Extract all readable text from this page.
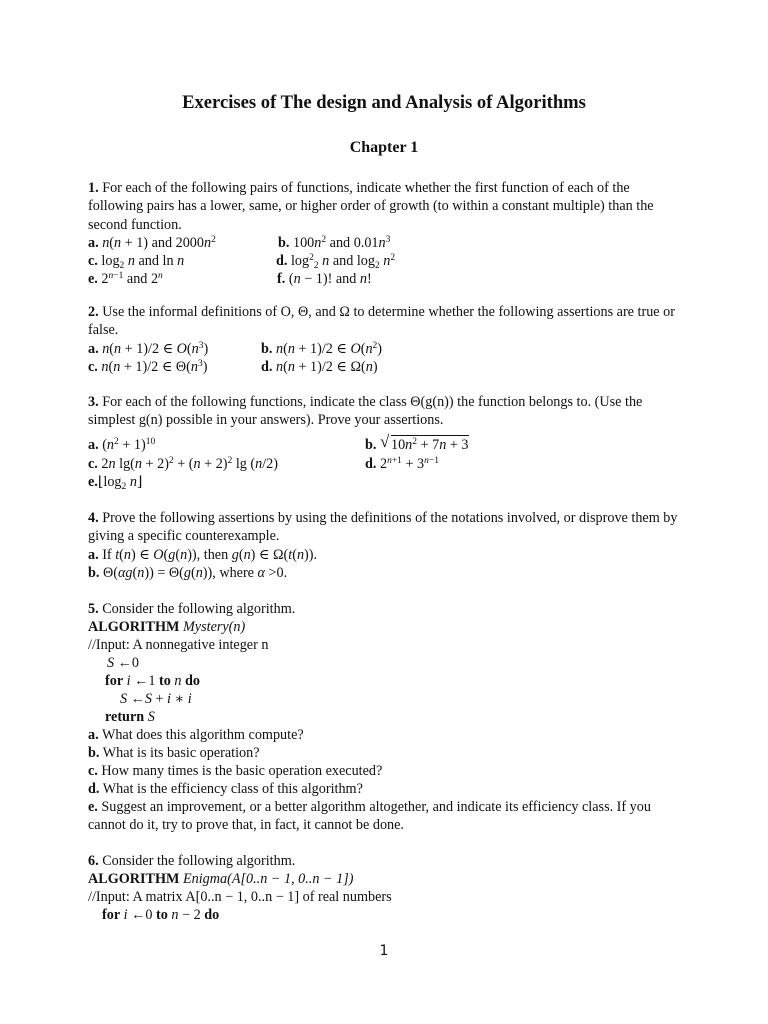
Exercises of The design and Analysis of Algorithms
Chapter 1
1. For each of the following pairs of functions, indicate whether the first function of each of the following pairs has a lower, same, or higher order of growth (to within a constant multiple) than the second function.
a. n(n + 1) and $2000n^2$	b. $100n^2$ and $0.01n^3$
c. $\log_2 n$ and ln n	d. $\log^2_2 n$ and $\log_2 n^2$
e. $2^{n-1}$ and 2$^n$	f. (n − 1)! and n!
2. Use the informal definitions of O, Θ, and Ω to determine whether the following assertions are true or false.
a. n(n + 1)/2 ∈ $O(n^3)$	b. n(n + 1)/2 ∈ $O(n^2)$
c. n(n + 1)/2 ∈ $\Theta(n^3)$	d. n(n + 1)/2 ∈ Ω(n)
3. For each of the following functions, indicate the class Θ(g(n)) the function belongs to. (Use the simplest g(n) possible in your answers). Prove your assertions.
a. $(n^2 + 1)^{10}$	b. √ $10n^2 + 7n + 3$
c. 2n $\lg(n + 2)^2 + (n + 2)^2$ lg (n/2)	d. $2^{n+1} + 3^{n-1}$
$e.⌊\log_2$ n⌋
4. Prove the following assertions by using the definitions of the notations involved, or disprove them by giving a specific counterexample.
a. If t(n) ∈ O(g(n)), then g(n) ∈ Ω(t(n)).
b. Θ(αg(n)) = Θ(g(n)), where α >0.
5. Consider the following algorithm.
ALGORITHM Mystery(n)
//Input: A nonnegative integer n
S ←0
for i ←1 to n do
S ←S + i ∗ i
return S
a. What does this algorithm compute?
b. What is its basic operation?
c. How many times is the basic operation executed?
d. What is the efficiency class of this algorithm?
e. Suggest an improvement, or a better algorithm altogether, and indicate its efficiency class. If you cannot do it, try to prove that, in fact, it cannot be done.
6. Consider the following algorithm.
ALGORITHM Enigma(A[0..n − 1, 0..n − 1])
//Input: A matrix A[0..n − 1, 0..n − 1] of real numbers
for i ←0 to n − 2 do
1
